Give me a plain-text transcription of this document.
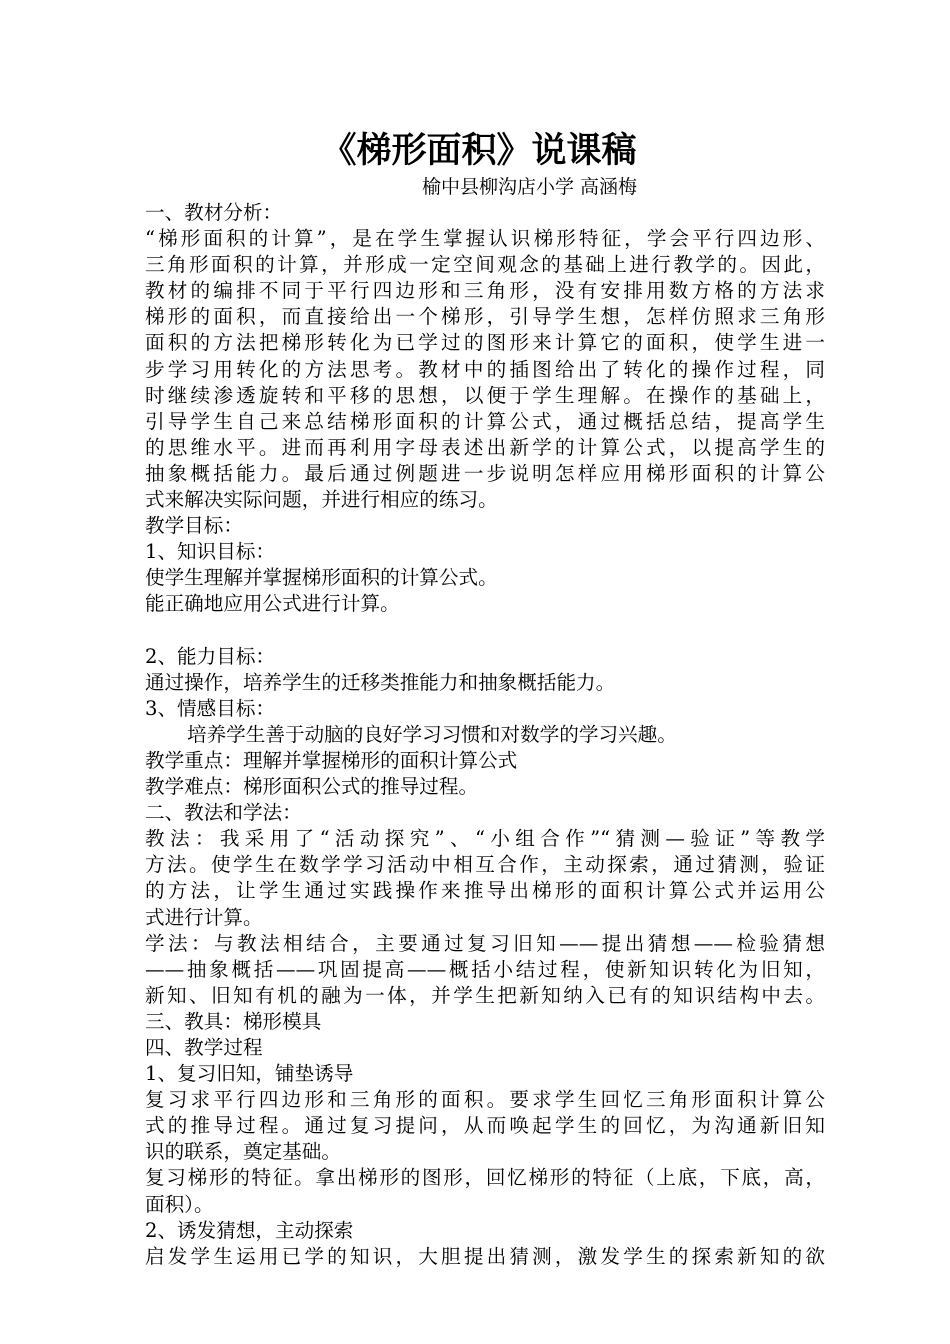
《梯形面积》说课稿
榆中县柳沟店小学 高涵梅
一、教材分析：
“梯形面积的计算”，是在学生掌握认识梯形特征，学会平行四边形、
三角形面积的计算，并形成一定空间观念的基础上进行教学的。因此，
教材的编排不同于平行四边形和三角形，没有安排用数方格的方法求
梯形的面积，而直接给出一个梯形，引导学生想，怎样仿照求三角形
面积的方法把梯形转化为已学过的图形来计算它的面积，使学生进一
步学习用转化的方法思考。教材中的插图给出了转化的操作过程，同
时继续渗透旋转和平移的思想，以便于学生理解。在操作的基础上，
引导学生自己来总结梯形面积的计算公式，通过概括总结，提高学生
的思维水平。进而再利用字母表述出新学的计算公式，以提高学生的
抽象概括能力。最后通过例题进一步说明怎样应用梯形面积的计算公
式来解决实际问题，并进行相应的练习。
教学目标：
1、知识目标：
使学生理解并掌握梯形面积的计算公式。
能正确地应用公式进行计算。
2、能力目标：
通过操作，培养学生的迁移类推能力和抽象概括能力。
3、情感目标：
培养学生善于动脑的良好学习习惯和对数学的学习兴趣。
教学重点：理解并掌握梯形的面积计算公式
教学难点：梯形面积公式的推导过程。
二、教法和学法：
教法：我采用了“活动探究”、“小组合作”“猜测—验证”等教学
方法。使学生在数学学习活动中相互合作，主动探索，通过猜测，验证
的方法，让学生通过实践操作来推导出梯形的面积计算公式并运用公
式进行计算。
学法：与教法相结合，主要通过复习旧知——提出猜想——检验猜想
——抽象概括——巩固提高——概括小结过程，使新知识转化为旧知，
新知、旧知有机的融为一体，并学生把新知纳入已有的知识结构中去。
三、教具：梯形模具
四、教学过程
1、复习旧知，铺垫诱导
复习求平行四边形和三角形的面积。要求学生回忆三角形面积计算公
式的推导过程。通过复习提问，从而唤起学生的回忆，为沟通新旧知
识的联系，奠定基础。
复习梯形的特征。拿出梯形的图形，回忆梯形的特征（上底，下底，高，
面积）。
2、诱发猜想，主动探索
启发学生运用已学的知识，大胆提出猜测，激发学生的探索新知的欲
